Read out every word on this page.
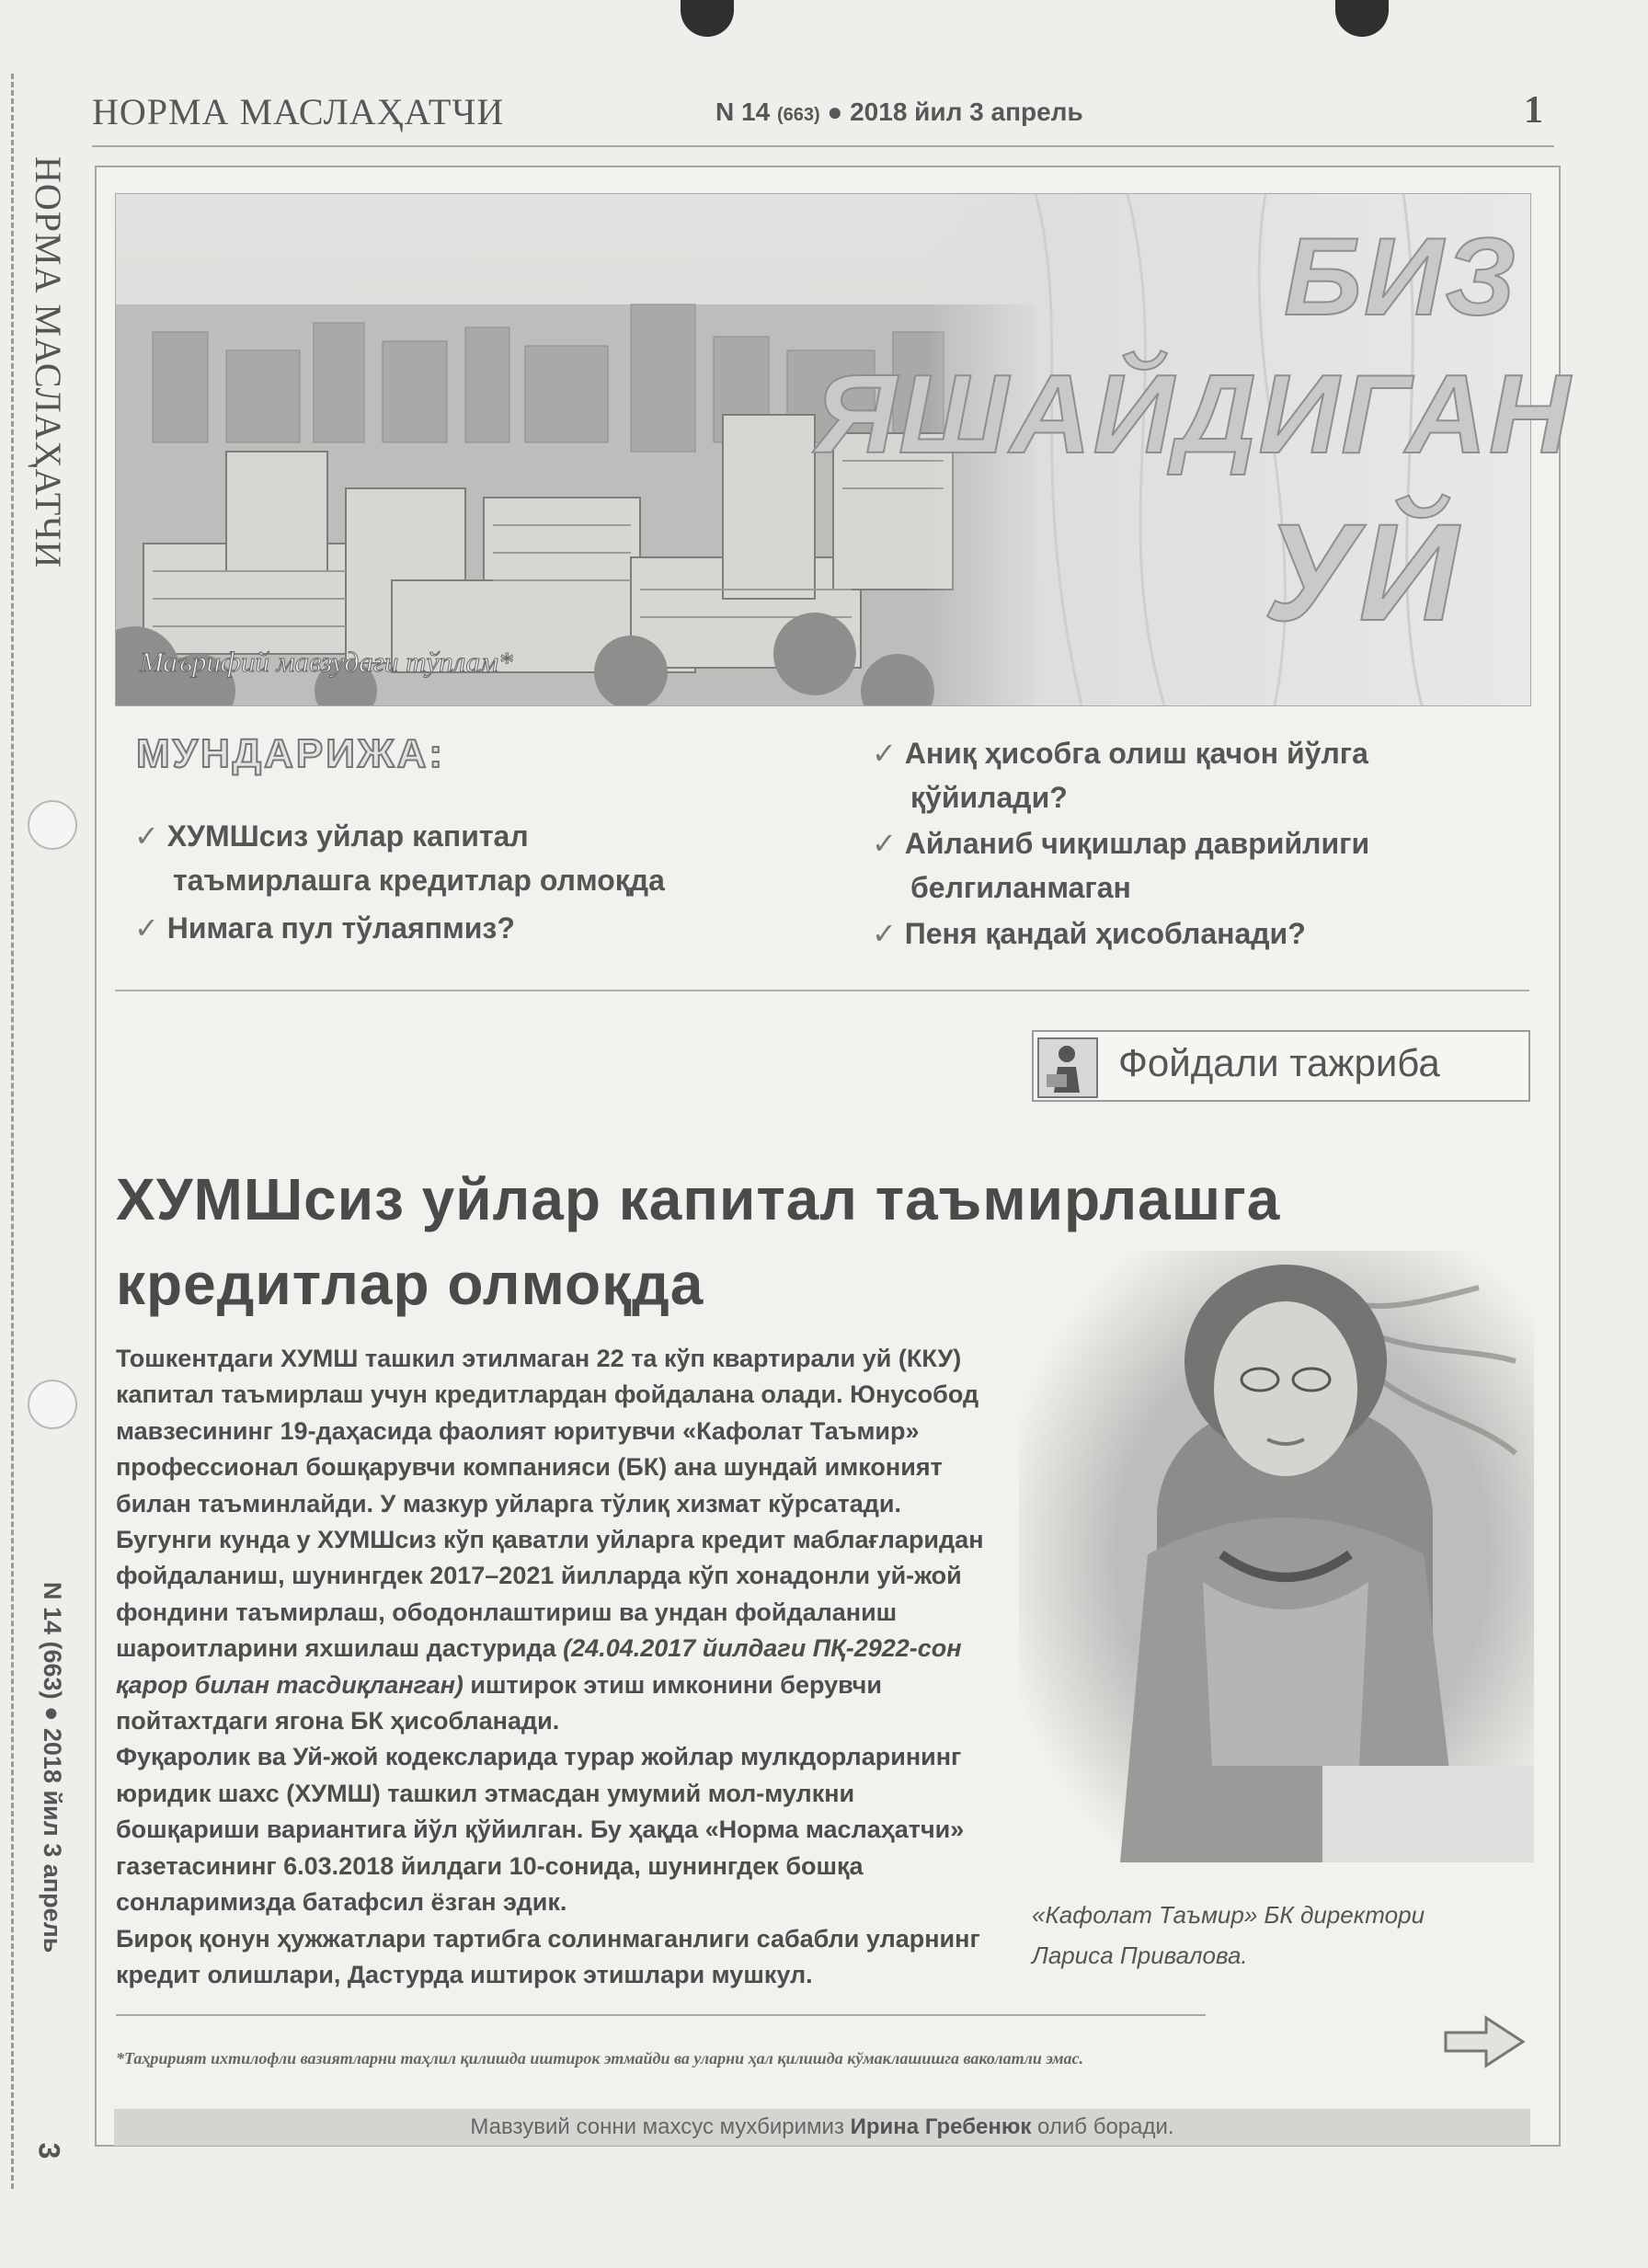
НОРМА МАСЛАҲАТЧИ
N 14 (663) ● 2018 йил 3 апрель
3
НОРМА МАСЛАҲАТЧИ	N 14 (663) ● 2018 йил 3 апрель	1
БИЗ
ЯШАЙДИГАН
УЙ
Маърифий мавзудаги тўплам*
МУНДАРИЖА:
✓ ХУМШсиз уйлар капитал
таъмирлашга кредитлар олмоқда
✓ Нимага пул тўлаяпмиз?
✓ Аниқ ҳисобга олиш қачон йўлга
қўйилади?
✓ Айланиб чиқишлар даврийлиги
белгиланмаган
✓ Пеня қандай ҳисобланади?
Фойдали тажриба
ХУМШсиз уйлар капитал таъмирлашга
кредитлар олмоқда
«Кафолат Таъмир» БК директори
Лариса Привалова.

Тошкентдаги ХУМШ ташкил этилмаган 22 та кўп квартирали уй (ККУ) капитал таъмирлаш учун кредитлардан фойдалана олади. Юнусобод мавзесининг 19-даҳасида фаолият юритувчи «Кафолат Таъмир» профессионал бошқарувчи компанияси (БК) ана шундай имконият билан таъминлайди. У мазкур уйларга тўлиқ хизмат кўрсатади. Бугунги кунда у ХУМШсиз кўп қаватли уйларга кредит маблағларидан фойдаланиш, шунингдек 2017–2021 йилларда кўп хонадонли уй-жой фондини таъмирлаш, ободонлаштириш ва ундан фойдаланиш шароитларини яхшилаш дастурида (24.04.2017 йилдаги ПҚ-2922-сон қарор билан тасдиқланган) иштирок этиш имконини берувчи пойтахтдаги ягона БК ҳисобланади.

Фуқаролик ва Уй-жой кодексларида турар жойлар мулкдорларининг юридик шахс (ХУМШ) ташкил этмасдан умумий мол-мулкни бошқариши вариантига йўл қўйилган. Бу ҳақда «Норма маслаҳатчи» газетасининг 6.03.2018 йилдаги 10-сонида, шунингдек бошқа сонларимизда батафсил ёзган эдик.

Бироқ қонун ҳужжатлари тартибга солинмаганлиги сабабли уларнинг кредит олишлари, Дастурда иштирок этишлари мушкул.

*Таҳририят ихтилофли вазиятларни таҳлил қилишда иштирок этмайди ва уларни ҳал қилишда кўмаклашишга ваколатли эмас.
Мавзувий сонни махсус мухбиримиз Ирина Гребенюк олиб боради.
